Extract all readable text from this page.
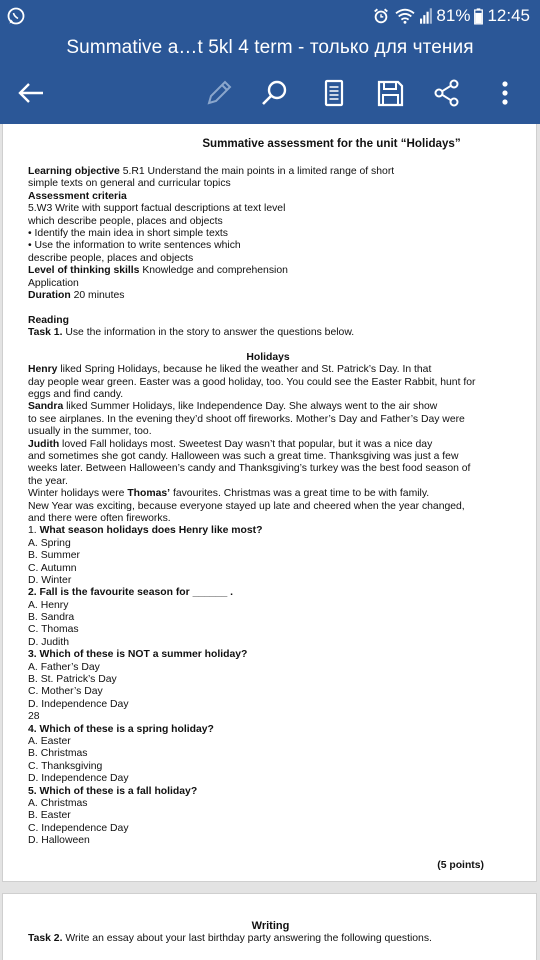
81% 12:45
Summative a…t 5kl 4 term - только для чтения
Summative assessment for the unit “Holidays”
Learning objective 5.R1 Understand the main points in a limited range of short
simple texts on general and curricular topics
Assessment criteria
5.W3 Write with support factual descriptions at text level
which describe people, places and objects
• Identify the main idea in short simple texts
• Use the information to write sentences which
describe people, places and objects
Level of thinking skills Knowledge and comprehension
Application
Duration 20 minutes
Reading
Task 1. Use the information in the story to answer the questions below.
Holidays
Henry liked Spring Holidays, because he liked the weather and St. Patrick’s Day. In that
day people wear green. Easter was a good holiday, too. You could see the Easter Rabbit, hunt for
eggs and find candy.
Sandra liked Summer Holidays, like Independence Day. She always went to the air show
to see airplanes. In the evening they’d shoot off fireworks. Mother’s Day and Father’s Day were
usually in the summer, too.
Judith loved Fall holidays most. Sweetest Day wasn’t that popular, but it was a nice day
and sometimes she got candy. Halloween was such a great time. Thanksgiving was just a few
weeks later. Between Halloween’s candy and Thanksgiving’s turkey was the best food season of
the year.
Winter holidays were Thomas’ favourites. Christmas was a great time to be with family.
New Year was exciting, because everyone stayed up late and cheered when the year changed,
and there were often fireworks.
1. What season holidays does Henry like most?
A. Spring
B. Summer
C. Autumn
D. Winter
2. Fall is the favourite season for ______ .
A. Henry
B. Sandra
C. Thomas
D. Judith
3. Which of these is NOT a summer holiday?
A. Father’s Day
B. St. Patrick’s Day
C. Mother’s Day
D. Independence Day
28
4. Which of these is a spring holiday?
A. Easter
B. Christmas
C. Thanksgiving
D. Independence Day
5. Which of these is a fall holiday?
A. Christmas
B. Easter
C. Independence Day
D. Halloween
(5 points)
Writing
Task 2. Write an essay about your last birthday party answering the following questions.
